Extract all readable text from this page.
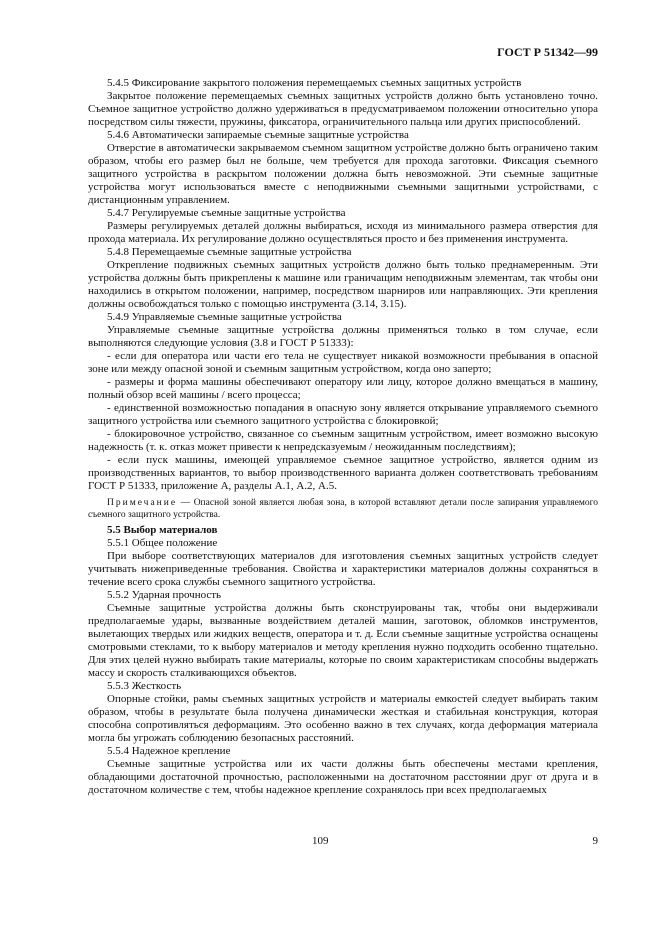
ГОСТ Р 51342—99

5.4.5 Фиксирование закрытого положения перемещаемых съемных защитных устройств

Закрытое положение перемещаемых съемных защитных устройств должно быть установлено точно. Съемное защитное устройство должно удерживаться в предусматриваемом положении относительно упора посредством силы тяжести, пружины, фиксатора, ограничительного пальца или других приспособлений.

5.4.6 Автоматически запираемые съемные защитные устройства

Отверстие в автоматически закрываемом съемном защитном устройстве должно быть ограничено таким образом, чтобы его размер был не больше, чем требуется для прохода заготовки. Фиксация съемного защитного устройства в раскрытом положении должна быть невозможной. Эти съемные защитные устройства могут использоваться вместе с неподвижными съемными защитными устройствами, с дистанционным управлением.

5.4.7 Регулируемые съемные защитные устройства

Размеры регулируемых деталей должны выбираться, исходя из минимального размера отверстия для прохода материала. Их регулирование должно осуществляться просто и без применения инструмента.

5.4.8 Перемещаемые съемные защитные устройства

Открепление подвижных съемных защитных устройств должно быть только преднамеренным. Эти устройства должны быть прикреплены к машине или граничащим неподвижным элементам, так чтобы они находились в открытом положении, например, посредством шарниров или направляющих. Эти крепления должны освобождаться только с помощью инструмента (3.14, 3.15).

5.4.9 Управляемые съемные защитные устройства

Управляемые съемные защитные устройства должны применяться только в том случае, если выполняются следующие условия (3.8 и ГОСТ Р 51333):

- если для оператора или части его тела не существует никакой возможности пребывания в опасной зоне или между опасной зоной и съемным защитным устройством, когда оно заперто;

- размеры и форма машины обеспечивают оператору или лицу, которое должно вмещаться в машину, полный обзор всей машины / всего процесса;

- единственной возможностью попадания в опасную зону является открывание управляемого съемного защитного устройства или съемного защитного устройства с блокировкой;

- блокировочное устройство, связанное со съемным защитным устройством, имеет возможно высокую надежность (т. к. отказ может привести к непредсказуемым / неожиданным последствиям);

- если пуск машины, имеющей управляемое съемное защитное устройство, является одним из производственных вариантов, то выбор производственного варианта должен соответствовать требованиям ГОСТ Р 51333, приложение А, разделы А.1, А.2, А.5.

Примечание — Опасной зоной является любая зона, в которой вставляют детали после запирания управляемого съемного защитного устройства.

5.5 Выбор материалов

5.5.1 Общее положение

При выборе соответствующих материалов для изготовления съемных защитных устройств следует учитывать нижеприведенные требования. Свойства и характеристики материалов должны сохраняться в течение всего срока службы съемного защитного устройства.

5.5.2 Ударная прочность

Съемные защитные устройства должны быть сконструированы так, чтобы они выдерживали предполагаемые удары, вызванные воздействием деталей машин, заготовок, обломков инструментов, вылетающих твердых или жидких веществ, оператора и т. д. Если съемные защитные устройства оснащены смотровыми стеклами, то к выбору материалов и методу крепления нужно подходить особенно тщательно. Для этих целей нужно выбирать такие материалы, которые по своим характеристикам способны выдержать массу и скорость сталкивающихся объектов.

5.5.3 Жесткость

Опорные стойки, рамы съемных защитных устройств и материалы емкостей следует выбирать таким образом, чтобы в результате была получена динамически жесткая и стабильная конструкция, которая способна сопротивляться деформациям. Это особенно важно в тех случаях, когда деформация материала могла бы угрожать соблюдению безопасных расстояний.

5.5.4 Надежное крепление

Съемные защитные устройства или их части должны быть обеспечены местами крепления, обладающими достаточной прочностью, расположенными на достаточном расстоянии друг от друга и в достаточном количестве с тем, чтобы надежное крепление сохранялось при всех предполагаемых

109	9
